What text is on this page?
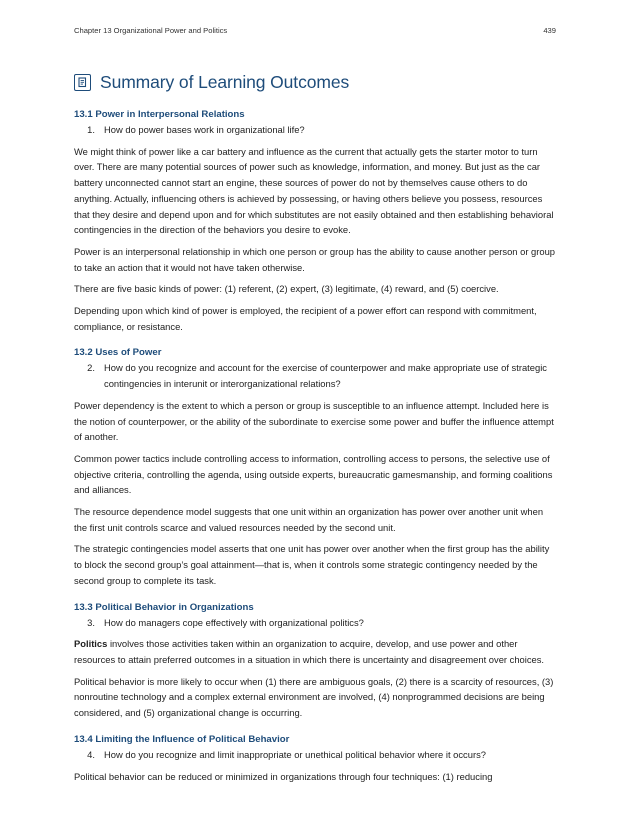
Chapter 13 Organizational Power and Politics	439
Summary of Learning Outcomes
13.1 Power in Interpersonal Relations
1. How do power bases work in organizational life?

We might think of power like a car battery and influence as the current that actually gets the starter motor to turn over. There are many potential sources of power such as knowledge, information, and money. But just as the car battery unconnected cannot start an engine, these sources of power do not by themselves cause others to do anything. Actually, influencing others is achieved by possessing, or having others believe you possess, resources that they desire and depend upon and for which substitutes are not easily obtained and then establishing behavioral contingencies in the direction of the behaviors you desire to evoke.

Power is an interpersonal relationship in which one person or group has the ability to cause another person or group to take an action that it would not have taken otherwise.

There are five basic kinds of power: (1) referent, (2) expert, (3) legitimate, (4) reward, and (5) coercive.

Depending upon which kind of power is employed, the recipient of a power effort can respond with commitment, compliance, or resistance.

13.2 Uses of Power
2. How do you recognize and account for the exercise of counterpower and make appropriate use of strategic contingencies in interunit or interorganizational relations?

Power dependency is the extent to which a person or group is susceptible to an influence attempt. Included here is the notion of counterpower, or the ability of the subordinate to exercise some power and buffer the influence attempt of another.

Common power tactics include controlling access to information, controlling access to persons, the selective use of objective criteria, controlling the agenda, using outside experts, bureaucratic gamesmanship, and forming coalitions and alliances.

The resource dependence model suggests that one unit within an organization has power over another unit when the first unit controls scarce and valued resources needed by the second unit.

The strategic contingencies model asserts that one unit has power over another when the first group has the ability to block the second group’s goal attainment—that is, when it controls some strategic contingency needed by the second group to complete its task.

13.3 Political Behavior in Organizations
3. How do managers cope effectively with organizational politics?

Politics involves those activities taken within an organization to acquire, develop, and use power and other resources to attain preferred outcomes in a situation in which there is uncertainty and disagreement over choices.

Political behavior is more likely to occur when (1) there are ambiguous goals, (2) there is a scarcity of resources, (3) nonroutine technology and a complex external environment are involved, (4) nonprogrammed decisions are being considered, and (5) organizational change is occurring.

13.4 Limiting the Influence of Political Behavior
4. How do you recognize and limit inappropriate or unethical political behavior where it occurs?

Political behavior can be reduced or minimized in organizations through four techniques: (1) reducing
